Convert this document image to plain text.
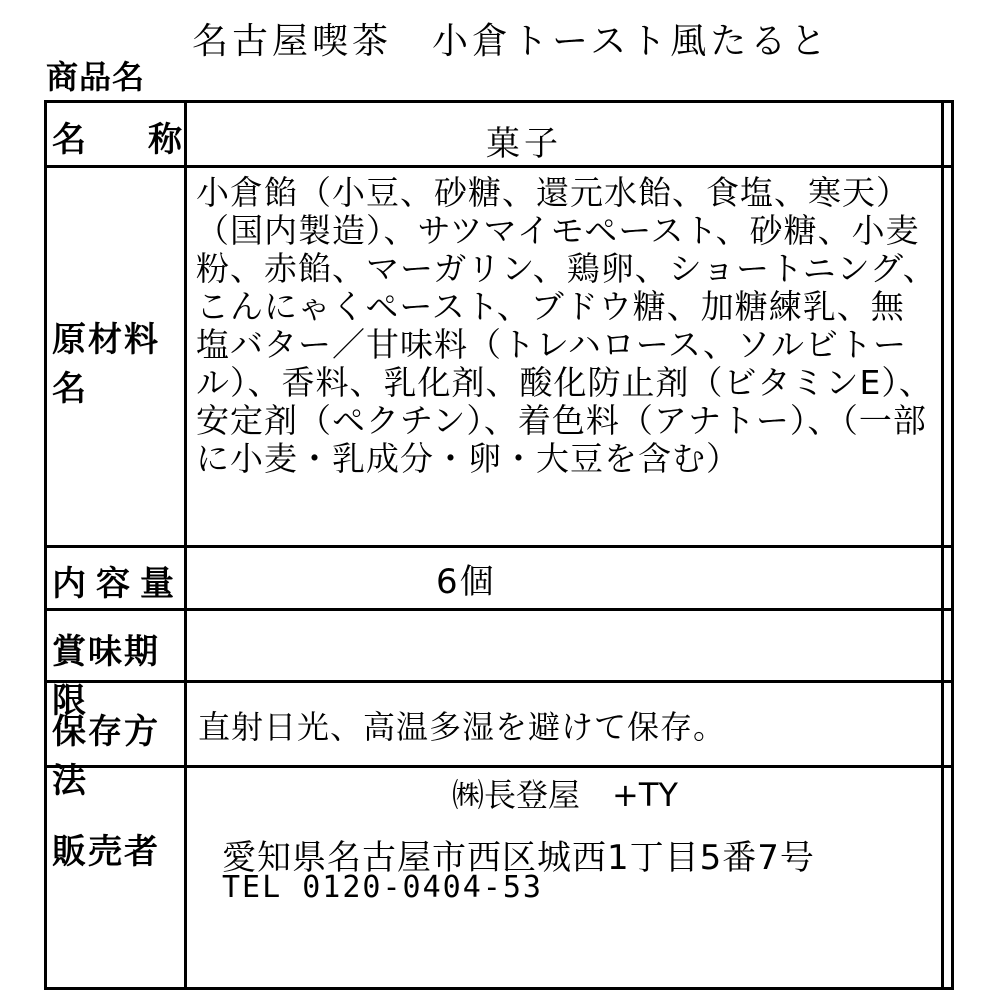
商品名
名古屋喫茶　小倉トースト風たると
名 称	菓子
原材料名
小倉餡（小豆、砂糖、還元水飴、食塩、寒天）（国内製造）、サツマイモペースト、砂糖、小麦粉、赤餡、マーガリン、鶏卵、ショートニング、こんにゃくペースト、ブドウ糖、加糖練乳、無塩バター／甘味料（トレハロース、ソルビトール）、香料、乳化剤、酸化防止剤（ビタミンE）、安定剤（ペクチン）、着色料（アナトー）、（一部に小麦・乳成分・卵・大豆を含む）
内容量	6個
賞味期限
保存方法
直射日光、高温多湿を避けて保存。
販売者
㈱長登屋　+TY
愛知県名古屋市西区城西1丁目5番7号
TEL 0120-0404-53
